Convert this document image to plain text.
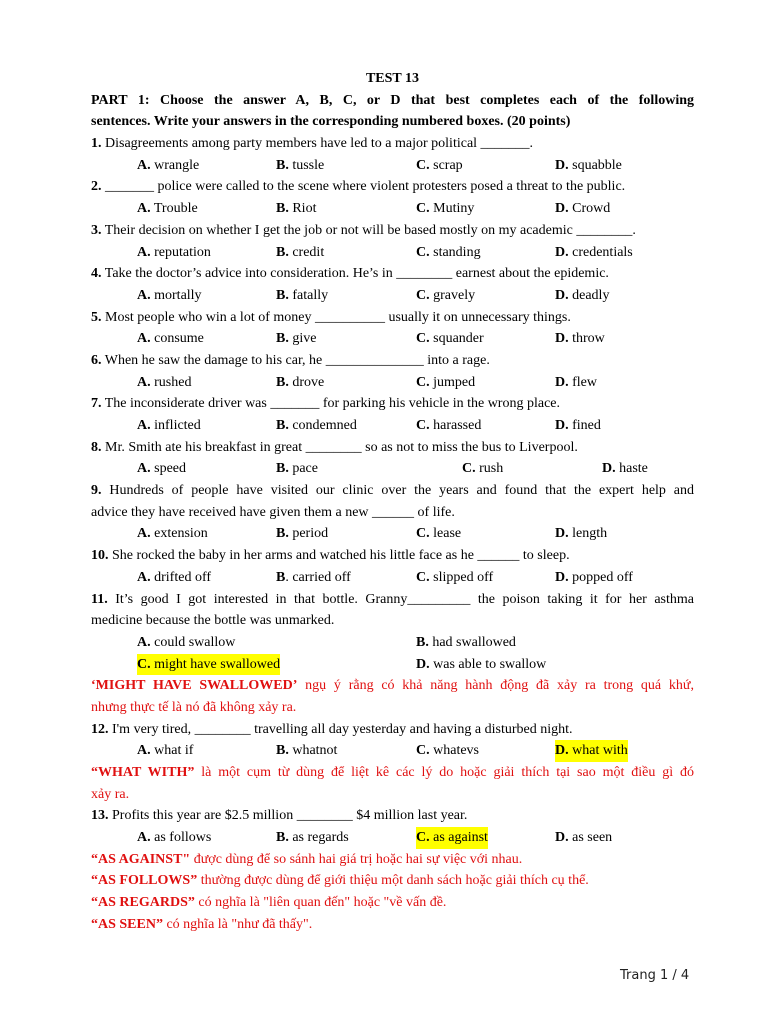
TEST 13
PART 1: Choose the answer A, B, C, or D that best completes each of the following
sentences. Write your answers in the corresponding numbered boxes. (20 points)
1. Disagreements among party members have led to a major political _______.
A. wrangle	B. tussle	C. scrap	D. squabble
2. _______ police were called to the scene where violent protesters posed a threat to the public.
A. Trouble	B. Riot	C. Mutiny	D. Crowd
3. Their decision on whether I get the job or not will be based mostly on my academic ________.
A. reputation	B. credit	C. standing	D. credentials
4. Take the doctor’s advice into consideration. He’s in ________ earnest about the epidemic.
A. mortally	B. fatally	C. gravely	D. deadly
5. Most people who win a lot of money __________ usually it on unnecessary things.
A. consume	B. give	C. squander	D. throw
6. When he saw the damage to his car, he ______________ into a rage.
A. rushed	B. drove	C. jumped	D. flew
7. The inconsiderate driver was _______ for parking his vehicle in the wrong place.
A. inflicted	B. condemned	C. harassed	D. fined
8. Mr. Smith ate his breakfast in great ________ so as not to miss the bus to Liverpool.
A. speed	B. pace	C. rush	D. haste
9. Hundreds of people have visited our clinic over the years and found that the expert help and
advice they have received have given them a new ______ of life.
A. extension	B. period	C. lease	D. length
10. She rocked the baby in her arms and watched his little face as he ______ to sleep.
A. drifted off	B. carried off	C. slipped off	D. popped off
11. It’s good I got interested in that bottle. Granny_________ the poison taking it for her asthma
medicine because the bottle was unmarked.
A. could swallow	B. had swallowed
C. might have swallowed	D. was able to swallow
‘MIGHT HAVE SWALLOWED’ ngụ ý rằng có khả năng hành động đã xảy ra trong quá khứ,
nhưng thực tế là nó đã không xảy ra.
12. I'm very tired, ________ travelling all day yesterday and having a disturbed night.
A. what if	B. whatnot	C. whatevs	D. what with
“WHAT WITH” là một cụm từ dùng để liệt kê các lý do hoặc giải thích tại sao một điều gì đó
xảy ra.
13. Profits this year are $2.5 million ________ $4 million last year.
A. as follows	B. as regards	C. as against	D. as seen
“AS AGAINST" được dùng để so sánh hai giá trị hoặc hai sự việc với nhau.
“AS FOLLOWS” thường được dùng để giới thiệu một danh sách hoặc giải thích cụ thể.
“AS REGARDS” có nghĩa là "liên quan đến" hoặc "về vấn đề.
“AS SEEN” có nghĩa là "như đã thấy".
Trang 1 / 4
